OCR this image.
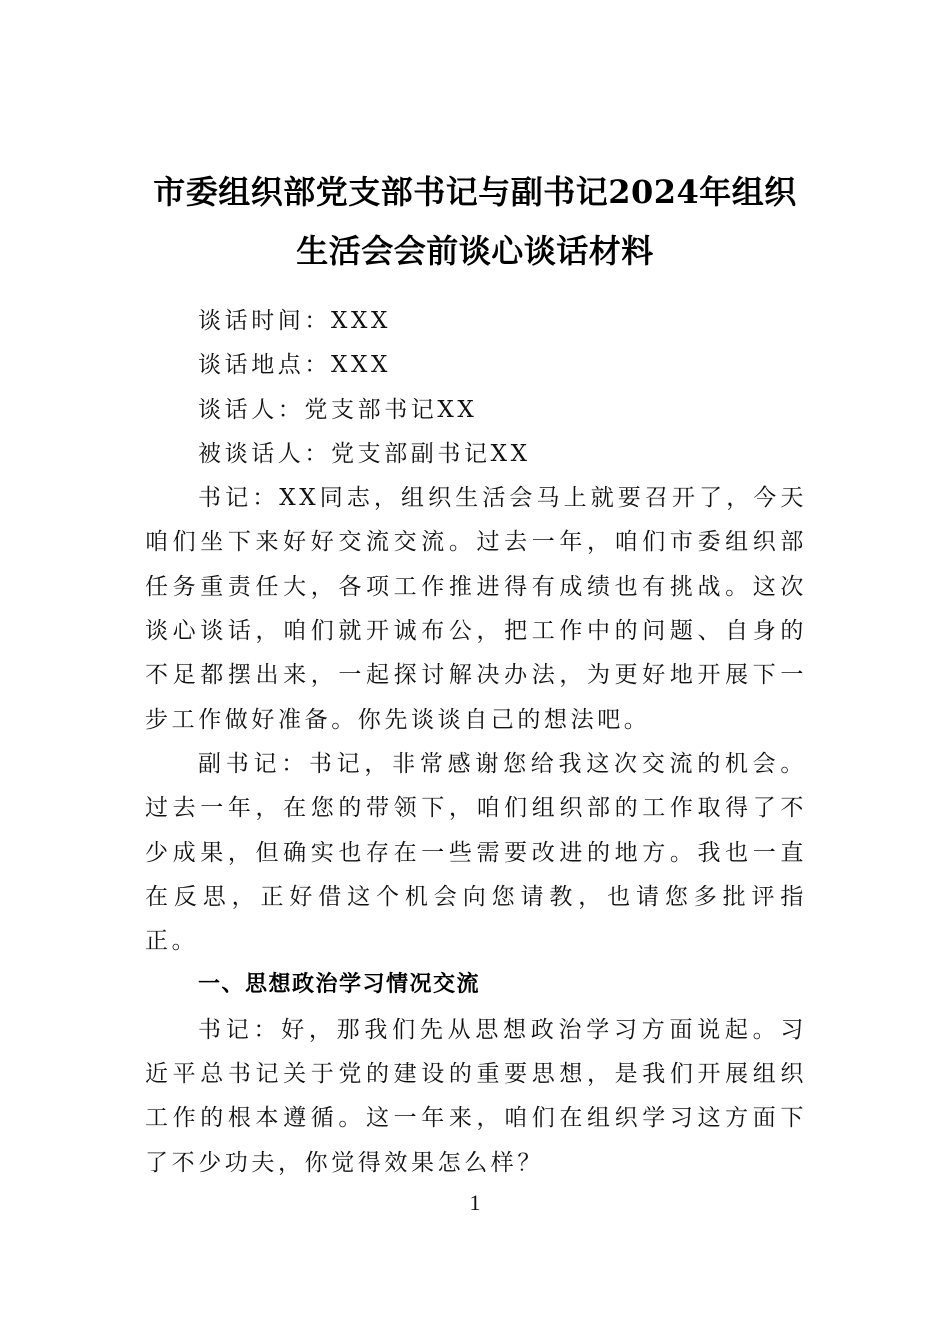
市委组织部党支部书记与副书记2024年组织生活会会前谈心谈话材料

谈话时间：XXX

谈话地点：XXX

谈话人：党支部书记XX

被谈话人：党支部副书记XX

书记：XX同志，组织生活会马上就要召开了，今天咱们坐下来好好交流交流。过去一年，咱们市委组织部任务重责任大，各项工作推进得有成绩也有挑战。这次谈心谈话，咱们就开诚布公，把工作中的问题、自身的不足都摆出来，一起探讨解决办法，为更好地开展下一步工作做好准备。你先谈谈自己的想法吧。

副书记：书记，非常感谢您给我这次交流的机会。过去一年，在您的带领下，咱们组织部的工作取得了不少成果，但确实也存在一些需要改进的地方。我也一直在反思，正好借这个机会向您请教，也请您多批评指正。

一、思想政治学习情况交流

书记：好，那我们先从思想政治学习方面说起。习近平总书记关于党的建设的重要思想，是我们开展组织工作的根本遵循。这一年来，咱们在组织学习这方面下了不少功夫，你觉得效果怎么样？

1
